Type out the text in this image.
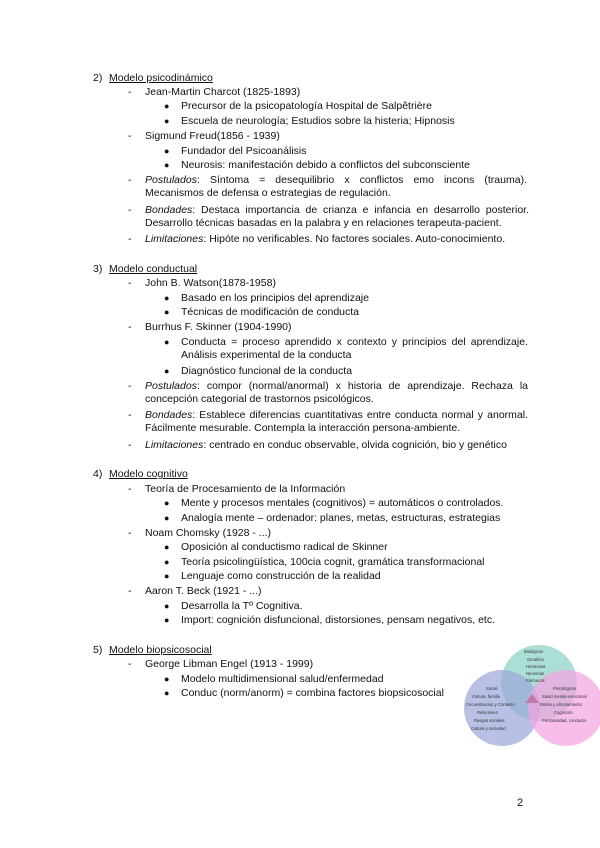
2) Modelo psicodinámico
- Jean-Martin Charcot (1825-1893)
● Precursor de la psicopatología Hospital de Salpêtrière
● Escuela de neurología; Estudios sobre la histeria; Hipnosis
- Sigmund Freud(1856 - 1939)
● Fundador del Psicoanálisis
● Neurosis: manifestación debido a conflictos del subconsciente
- Postulados: Síntoma = desequilibrio x conflictos emo incons (trauma). Mecanismos de defensa o estrategias de regulación.
- Bondades: Destaca importancia de crianza e infancia en desarrollo posterior. Desarrollo técnicas basadas en la palabra y en relaciones terapeuta-pacient.
- Limitaciones: Hipóte no verificables. No factores sociales. Auto-conocimiento.
3) Modelo conductual
- John B. Watson(1878-1958)
● Basado en los principios del aprendizaje
● Técnicas de modificación de conducta
- Burrhus F. Skinner (1904-1990)
● Conducta = proceso aprendido x contexto y principios del aprendizaje. Análisis experimental de la conducta
● Diagnóstico funcional de la conducta
- Postulados: compor (normal/anormal) x historia de aprendizaje. Rechaza la concepción categorial de trastornos psicológicos.
- Bondades: Establece diferencias cuantitativas entre conducta normal y anormal. Fácilmente mesurable. Contempla la interacción persona-ambiente.
- Limitaciones: centrado en conduc observable, olvida cognición, bio y genético
4) Modelo cognitivo
- Teoría de Procesamiento de la Información
● Mente y procesos mentales (cognitivos) = automáticos o controlados.
● Analogía mente – ordenador: planes, metas, estructuras, estrategias
- Noam Chomsky (1928 - ...)
● Oposición al conductismo radical de Skinner
● Teoría psicolingüística, 100cia cognit, gramática transformacional
● Lenguaje como construcción de la realidad
- Aaron T. Beck (1921 - ...)
● Desarrolla la Tº Cognitiva.
● Import: cognición disfuncional, distorsiones, pensam negativos, etc.
5) Modelo biopsicosocial
- George Libman Engel (1913 - 1999)
● Modelo multidimensional salud/enfermedad
● Conduc (norm/anorm) = combina factores biopsicosocial
Biológicos
Genética
Hormonas
Neuronas
Fármacos
Social
Cultura, familia
Circunstancias y Contexto
Relaciones
Rasgos sociales
Cultura y sociedad
Psicológicos
Salud mental emocional
Estrés y afrontamiento
Cognición
Personalidad, conducta
2
